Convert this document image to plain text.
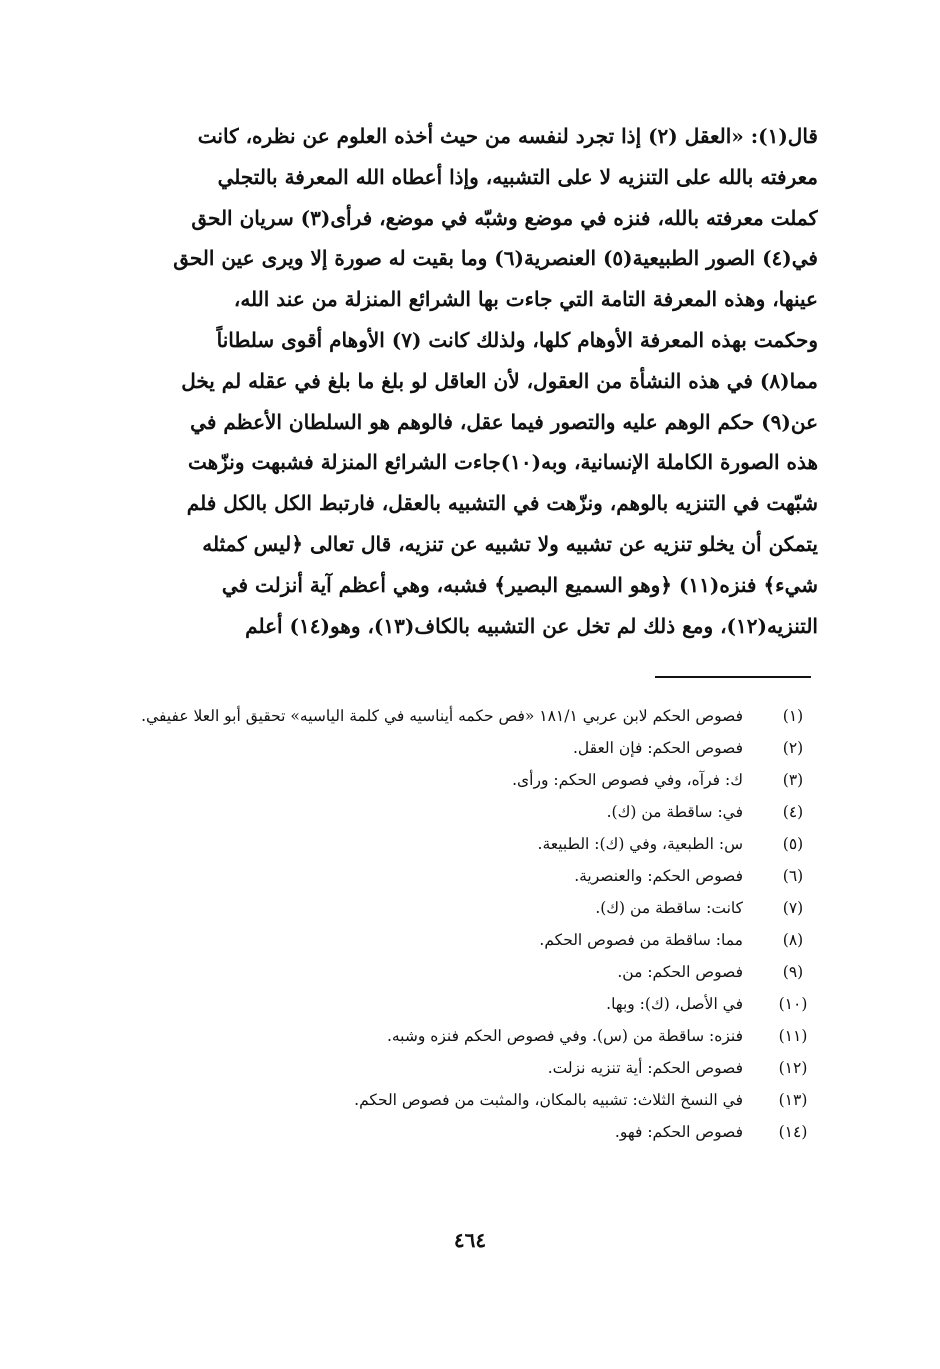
قال(١): «العقل (٢) إذا تجرد لنفسه من حيث أخذه العلوم عن نظره، كانت
معرفته بالله على التنزيه لا على التشبيه، وإذا أعطاه الله المعرفة بالتجلي
كملت معرفته بالله، فنزه في موضع وشبّه في موضع، فرأى(٣) سريان الحق
في(٤) الصور الطبيعية(٥) العنصرية(٦) وما بقيت له صورة إلا ويرى عين الحق
عينها، وهذه المعرفة التامة التي جاءت بها الشرائع المنزلة من عند الله،
وحكمت بهذه المعرفة الأوهام كلها، ولذلك كانت (٧) الأوهام أقوى سلطاناً
مما(٨) في هذه النشأة من العقول، لأن العاقل لو بلغ ما بلغ في عقله لم يخل
عن(٩) حكم الوهم عليه والتصور فيما عقل، فالوهم هو السلطان الأعظم في
هذه الصورة الكاملة الإنسانية، وبه(١٠)جاءت الشرائع المنزلة فشبهت ونزّهت
شبّهت في التنزيه بالوهم، ونزّهت في التشبيه بالعقل، فارتبط الكل بالكل فلم
يتمكن أن يخلو تنزيه عن تشبيه ولا تشبيه عن تنزيه، قال تعالى ﴿ليس كمثله
شيء﴾ فنزه(١١) ﴿وهو السميع البصير﴾ فشبه، وهي أعظم آية أنزلت في
التنزيه(١٢)، ومع ذلك لم تخل عن التشبيه بالكاف(١٣)، وهو(١٤) أعلم
(١)
فصوص الحكم لابن عربي ١٨١/١ «فص حكمه أيناسيه في كلمة الياسيه» تحقيق أبو العلا عفيفي.
(٢)
فصوص الحكم: فإن العقل.
(٣)
ك: فرآه، وفي فصوص الحكم: ورأى.
(٤)
في: ساقطة من (ك).
(٥)
س: الطبعية، وفي (ك): الطبيعة.
(٦)
فصوص الحكم: والعنصرية.
(٧)
كانت: ساقطة من (ك).
(٨)
مما: ساقطة من فصوص الحكم.
(٩)
فصوص الحكم: من.
(١٠)
في الأصل، (ك): وبها.
(١١)
فنزه: ساقطة من (س). وفي فصوص الحكم فنزه وشبه.
(١٢)
فصوص الحكم: أية تنزيه نزلت.
(١٣)
في النسخ الثلاث: تشبيه بالمكان، والمثبت من فصوص الحكم.
(١٤)
فصوص الحكم: فهو.
٤٦٤
